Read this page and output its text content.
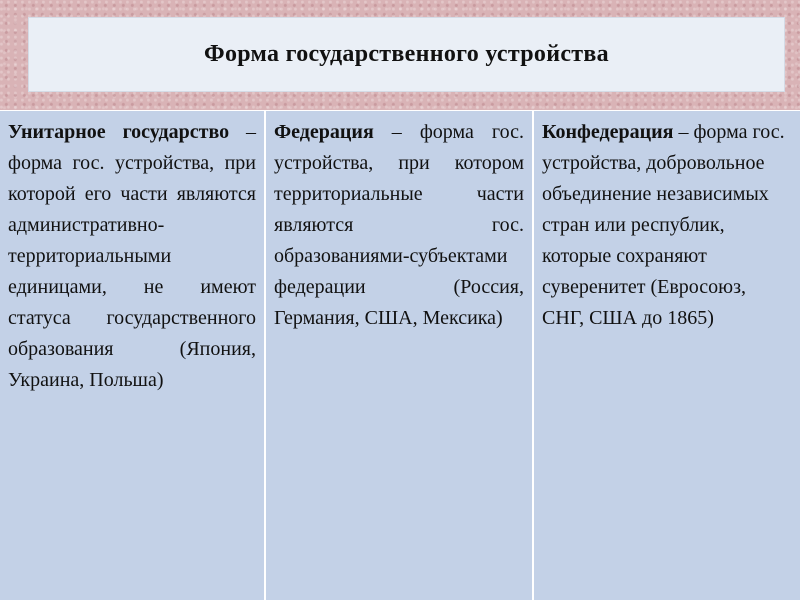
Форма государственного устройства
Унитарное государство – форма гос. устройства, при которой его части являются административно-территориальными единицами, не имеют статуса государственного образования (Япония, Украина, Польша)
Федерация – форма гос. устройства, при котором территориальные части являются гос. образованиями-субъектами федерации (Россия, Германия, США, Мексика)
Конфедерация – форма гос. устройства, добровольное объединение независимых стран или республик, которые сохраняют суверенитет (Евросоюз, СНГ, США до 1865)
